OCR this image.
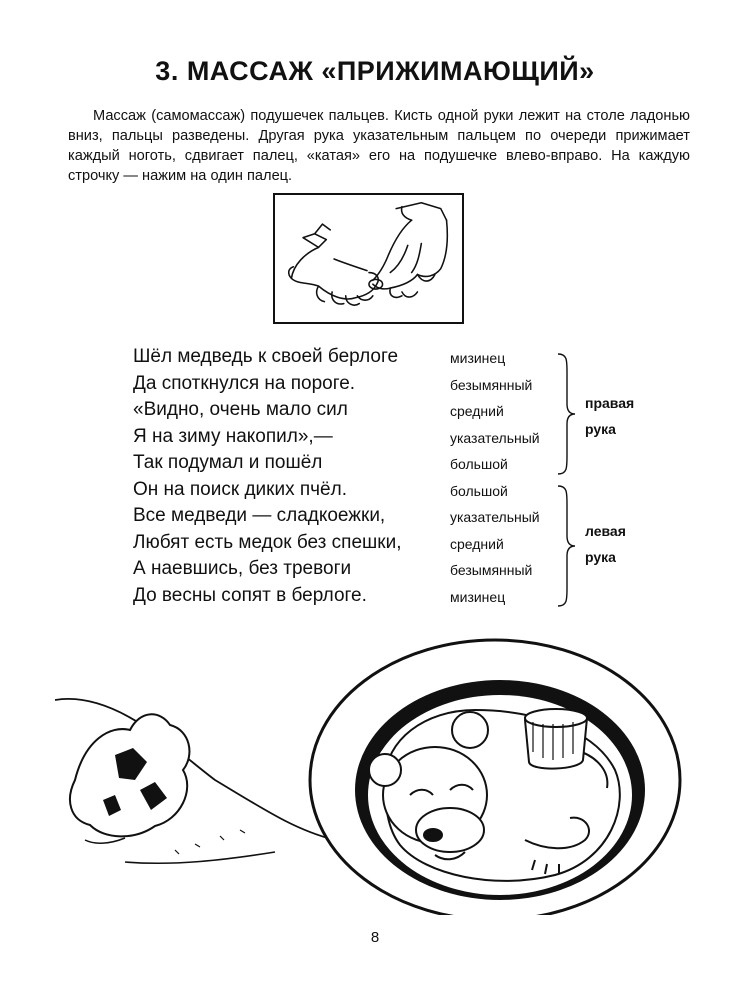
3. МАССАЖ «ПРИЖИМАЮЩИЙ»

Массаж (самомассаж) подушечек пальцев. Кисть одной руки лежит на столе ладонью вниз, пальцы разведены. Другая рука указательным пальцем по очереди прижимает каждый ноготь, сдвигает палец, «катая» его на подушечке влево-вправо. На каждую строчку — нажим на один палец.

Шёл медведь к своей берлоге	мизинец
Да споткнулся на пороге.	безымянный
«Видно, очень мало сил	средний
Я на зиму накопил»,—	указательный
Так подумал и пошёл	большой
Он на поиск диких пчёл.	большой
Все медведи — сладкоежки,	указательный
Любят есть медок без спешки,	средний
А наевшись, без тревоги	безымянный
До весны сопят в берлоге.	мизинец
правая
рука
левая
рука
8
